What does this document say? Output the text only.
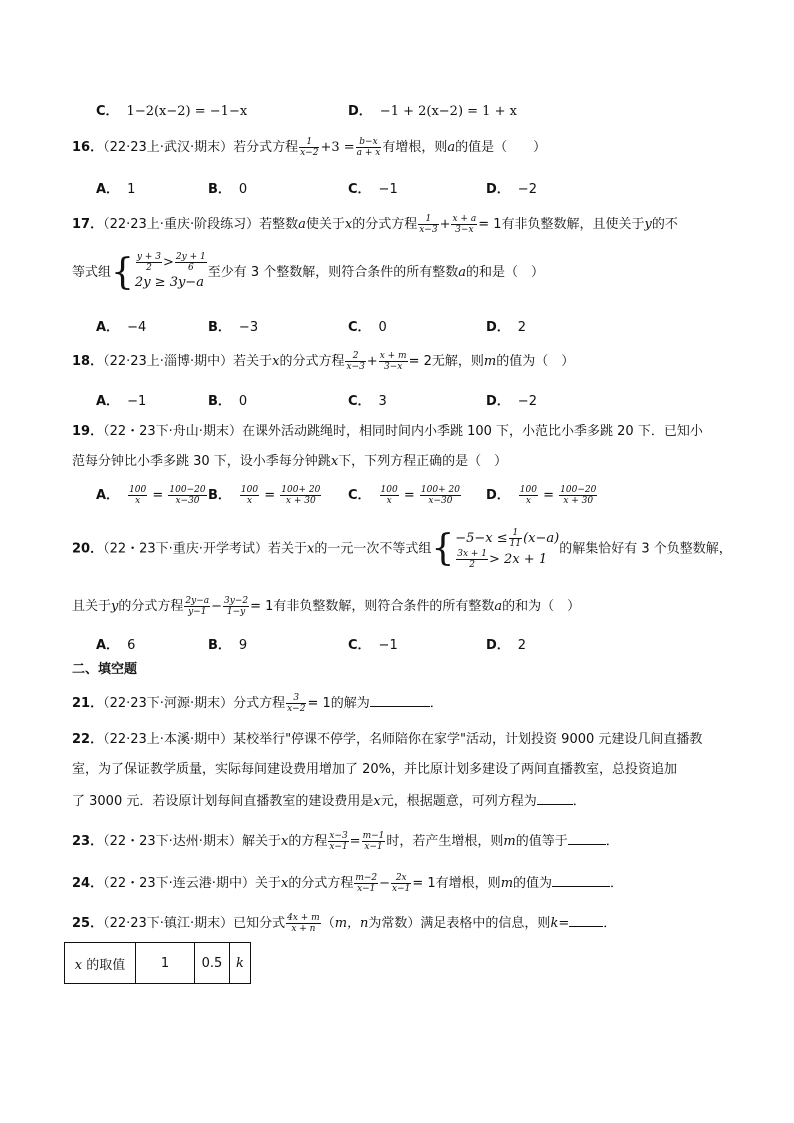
C． 1−2(x−2) = −1−x	D． −1 + 2(x−2) = 1 + x
16．（22·23上·武汉·期末）若分式方程 $\frac{1}{x-2} +3 = \frac{b-x}{a + x}$ 有增根，则a的值是（　　）
A． 1	B． 0	C． −1	D． −2
17．（22·23上·重庆·阶段练习）若整数a使关于x的分式方程 $\frac{1}{x-3} + \frac{x + a}{3-x} = 1$有非负整数解，且使关于y的不
等式组{ $\frac{y + 3}{2} > \frac{2y + 1}{6}$
2y ≥ 3y−a
至少有 3 个整数解，则符合条件的所有整数a的和是（　）
A． −4	B． −3	C． 0	D． 2
18．（22·23上·淄博·期中）若关于x的分式方程 $\frac{2}{x-3} + \frac{x + m}{3-x} = 2$无解，则m的值为（　）
A． −1	B． 0	C． 3	D． −2
19．（22・23下·舟山·期末）在课外活动跳绳时，相同时间内小季跳 100 下，小范比小季多跳 20 下．已知小
范每分钟比小季多跳 30 下，设小季每分钟跳x下，下列方程正确的是（　）
A． $\frac{100}{x} = \frac{100-20}{x-30}$ B． $\frac{100}{x} = \frac{100+ 20}{x + 30}$ C． $\frac{100}{x} = \frac{100+ 20}{x-30}$ D． $\frac{100}{x} = \frac{100-20}{x + 30}$
20．（22・23下·重庆·开学考试）若关于x的一元一次不等式组{ $-5-x \le \frac{1}{11} (x-a)$
$\frac{3x + 1}{2} > 2x + 1$
的解集恰好有 3 个负整数解，
且关于y的分式方程 $\frac{2y-a}{y-1} - \frac{3y-2}{1-y} = 1$有非负整数解，则符合条件的所有整数a的和为（　）
A． 6	B． 9	C． −1	D． 2
二、填空题
21．（22·23下·河源·期末）分式方程 $\frac{3}{x-2} = 1$的解为	．
22．（22·23上·本溪·期中）某校举行"停课不停学，名师陪你在家学"活动，计划投资 9000 元建设几间直播教
室，为了保证教学质量，实际每间建设费用增加了 20%，并比原计划多建设了两间直播教室，总投资追加
了 3000 元．若设原计划每间直播教室的建设费用是x元，根据题意，可列方程为	．
23．（22・23下·达州·期末）解关于x的方程 $\frac{x-3}{x-1} = \frac{m-1}{x-1}$ 时，若产生增根，则m的值等于	．
24．（22・23下·连云港·期中）关于x的分式方程 $\frac{m-2}{x-1} - \frac{2x}{x-1} = 1$有增根，则m的值为	．
25．（22·23下·镇江·期末）已知分式 $\frac{4x + m}{x + n} (m$，n为常数）满足表格中的信息，则k=	．
x 的取值	1	0.5	k
